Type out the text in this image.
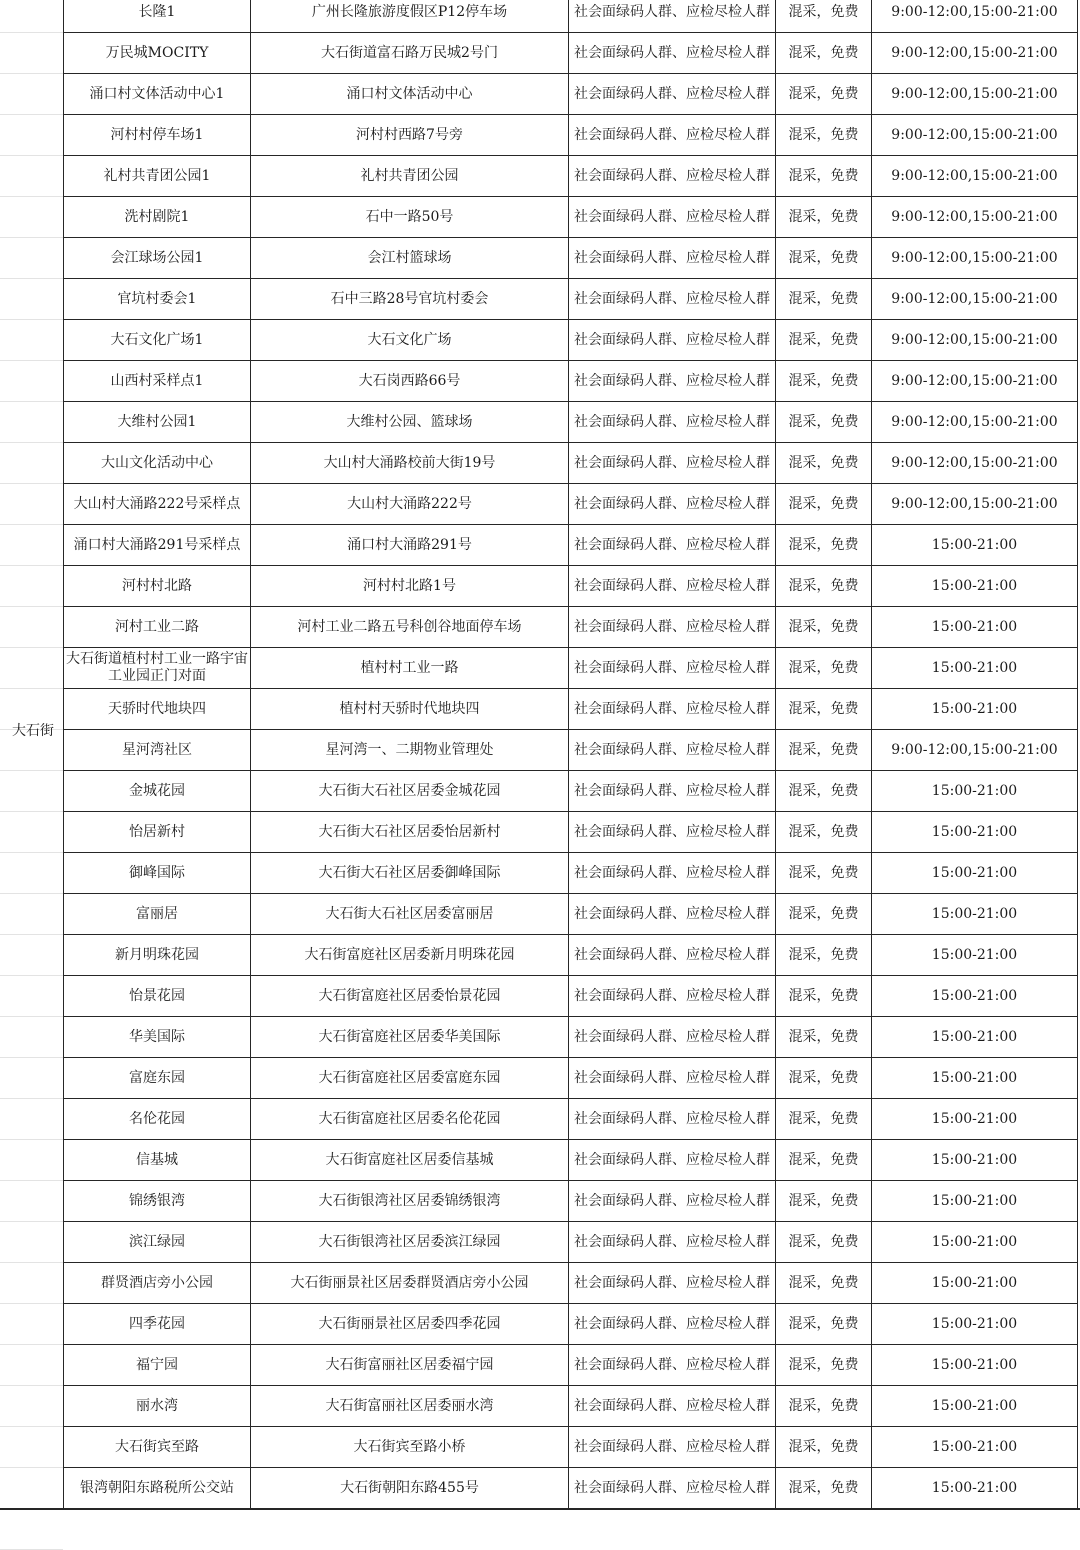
大石街
长隆1	广州长隆旅游度假区P12停车场	社会面绿码人群、应检尽检人群	混采，免费	9:00-12:00,15:00-21:00
万民城MOCITY	大石街道富石路万民城2号门	社会面绿码人群、应检尽检人群	混采，免费	9:00-12:00,15:00-21:00
涌口村文体活动中心1	涌口村文体活动中心	社会面绿码人群、应检尽检人群	混采，免费	9:00-12:00,15:00-21:00
河村村停车场1	河村村西路7号旁	社会面绿码人群、应检尽检人群	混采，免费	9:00-12:00,15:00-21:00
礼村共青团公园1	礼村共青团公园	社会面绿码人群、应检尽检人群	混采，免费	9:00-12:00,15:00-21:00
洗村剧院1	石中一路50号	社会面绿码人群、应检尽检人群	混采，免费	9:00-12:00,15:00-21:00
会江球场公园1	会江村篮球场	社会面绿码人群、应检尽检人群	混采，免费	9:00-12:00,15:00-21:00
官坑村委会1	石中三路28号官坑村委会	社会面绿码人群、应检尽检人群	混采，免费	9:00-12:00,15:00-21:00
大石文化广场1	大石文化广场	社会面绿码人群、应检尽检人群	混采，免费	9:00-12:00,15:00-21:00
山西村采样点1	大石岗西路66号	社会面绿码人群、应检尽检人群	混采，免费	9:00-12:00,15:00-21:00
大维村公园1	大维村公园、篮球场	社会面绿码人群、应检尽检人群	混采，免费	9:00-12:00,15:00-21:00
大山文化活动中心	大山村大涌路校前大街19号	社会面绿码人群、应检尽检人群	混采，免费	9:00-12:00,15:00-21:00
大山村大涌路222号采样点	大山村大涌路222号	社会面绿码人群、应检尽检人群	混采，免费	9:00-12:00,15:00-21:00
涌口村大涌路291号采样点	涌口村大涌路291号	社会面绿码人群、应检尽检人群	混采，免费	15:00-21:00
河村村北路	河村村北路1号	社会面绿码人群、应检尽检人群	混采，免费	15:00-21:00
河村工业二路	河村工业二路五号科创谷地面停车场	社会面绿码人群、应检尽检人群	混采，免费	15:00-21:00
大石街道植村村工业一路宇宙工业园正门对面	植村村工业一路	社会面绿码人群、应检尽检人群	混采，免费	15:00-21:00
天骄时代地块四	植村村天骄时代地块四	社会面绿码人群、应检尽检人群	混采，免费	15:00-21:00
星河湾社区	星河湾一、二期物业管理处	社会面绿码人群、应检尽检人群	混采，免费	9:00-12:00,15:00-21:00
金城花园	大石街大石社区居委金城花园	社会面绿码人群、应检尽检人群	混采，免费	15:00-21:00
怡居新村	大石街大石社区居委怡居新村	社会面绿码人群、应检尽检人群	混采，免费	15:00-21:00
御峰国际	大石街大石社区居委御峰国际	社会面绿码人群、应检尽检人群	混采，免费	15:00-21:00
富丽居	大石街大石社区居委富丽居	社会面绿码人群、应检尽检人群	混采，免费	15:00-21:00
新月明珠花园	大石街富庭社区居委新月明珠花园	社会面绿码人群、应检尽检人群	混采，免费	15:00-21:00
怡景花园	大石街富庭社区居委怡景花园	社会面绿码人群、应检尽检人群	混采，免费	15:00-21:00
华美国际	大石街富庭社区居委华美国际	社会面绿码人群、应检尽检人群	混采，免费	15:00-21:00
富庭东园	大石街富庭社区居委富庭东园	社会面绿码人群、应检尽检人群	混采，免费	15:00-21:00
名伦花园	大石街富庭社区居委名伦花园	社会面绿码人群、应检尽检人群	混采，免费	15:00-21:00
信基城	大石街富庭社区居委信基城	社会面绿码人群、应检尽检人群	混采，免费	15:00-21:00
锦绣银湾	大石街银湾社区居委锦绣银湾	社会面绿码人群、应检尽检人群	混采，免费	15:00-21:00
滨江绿园	大石街银湾社区居委滨江绿园	社会面绿码人群、应检尽检人群	混采，免费	15:00-21:00
群贤酒店旁小公园	大石街丽景社区居委群贤酒店旁小公园	社会面绿码人群、应检尽检人群	混采，免费	15:00-21:00
四季花园	大石街丽景社区居委四季花园	社会面绿码人群、应检尽检人群	混采，免费	15:00-21:00
福宁园	大石街富丽社区居委福宁园	社会面绿码人群、应检尽检人群	混采，免费	15:00-21:00
丽水湾	大石街富丽社区居委丽水湾	社会面绿码人群、应检尽检人群	混采，免费	15:00-21:00
大石街宾至路	大石街宾至路小桥	社会面绿码人群、应检尽检人群	混采，免费	15:00-21:00
银湾朝阳东路税所公交站	大石街朝阳东路455号	社会面绿码人群、应检尽检人群	混采，免费	15:00-21:00
